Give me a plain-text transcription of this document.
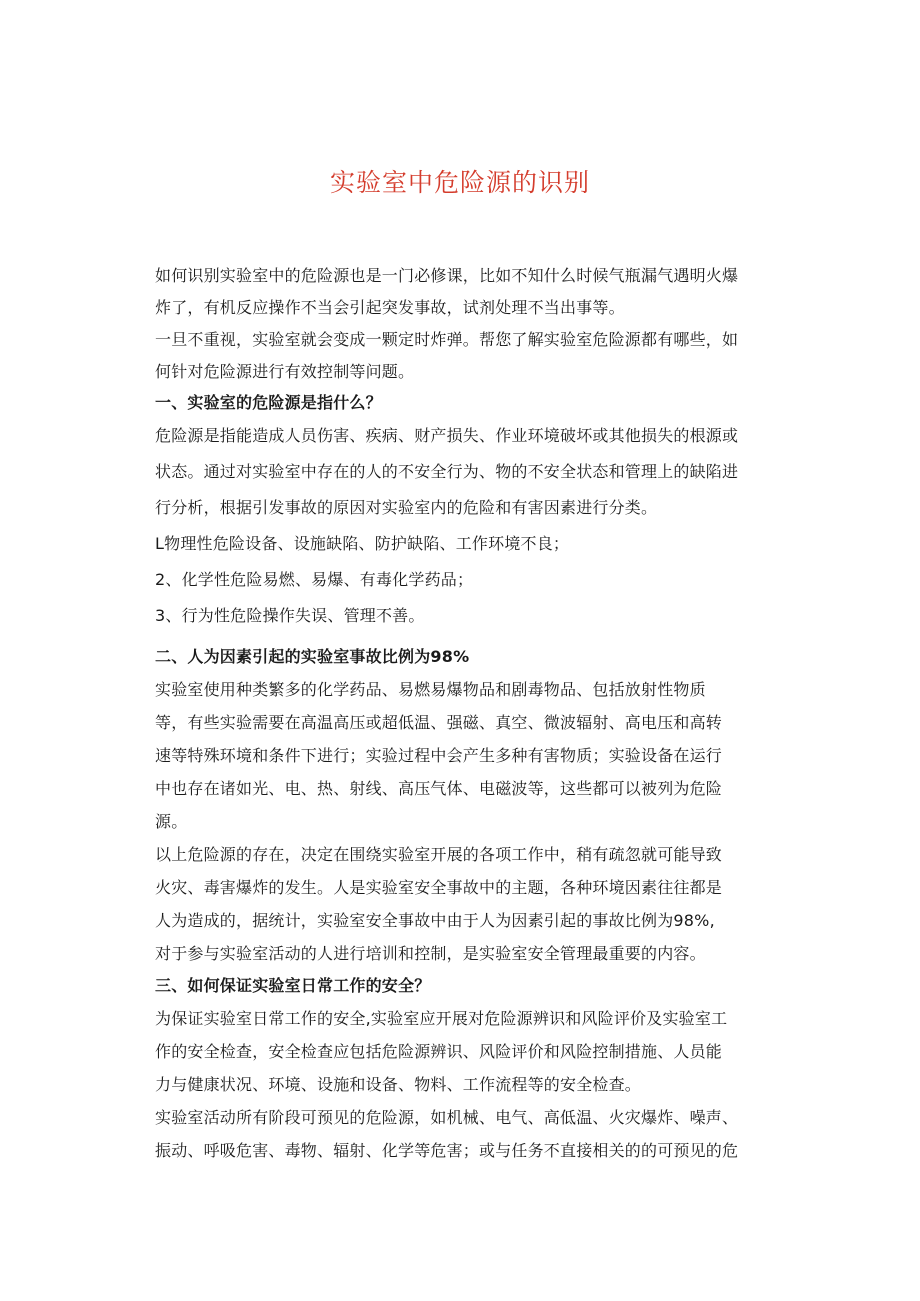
实验室中危险源的识别
如何识别实验室中的危险源也是一门必修课，比如不知什么时候气瓶漏气遇明火爆
炸了，有机反应操作不当会引起突发事故，试剂处理不当出事等。
一旦不重视，实验室就会变成一颗定时炸弹。帮您了解实验室危险源都有哪些，如
何针对危险源进行有效控制等问题。
一、实验室的危险源是指什么？
危险源是指能造成人员伤害、疾病、财产损失、作业环境破坏或其他损失的根源或
状态。通过对实验室中存在的人的不安全行为、物的不安全状态和管理上的缺陷进
行分析，根据引发事故的原因对实验室内的危险和有害因素进行分类。
L物理性危险设备、设施缺陷、防护缺陷、工作环境不良；
2、化学性危险易燃、易爆、有毒化学药品；
3、行为性危险操作失误、管理不善。
二、人为因素引起的实验室事故比例为98%
实验室使用种类繁多的化学药品、易燃易爆物品和剧毒物品、包括放射性物质
等，有些实验需要在高温高压或超低温、强磁、真空、微波辐射、高电压和高转
速等特殊环境和条件下进行；实验过程中会产生多种有害物质；实验设备在运行
中也存在诸如光、电、热、射线、高压气体、电磁波等，这些都可以被列为危险
源。
以上危险源的存在，决定在围绕实验室开展的各项工作中，稍有疏忽就可能导致
火灾、毒害爆炸的发生。人是实验室安全事故中的主题，各种环境因素往往都是
人为造成的，据统计，实验室安全事故中由于人为因素引起的事故比例为98%,
对于参与实验室活动的人进行培训和控制，是实验室安全管理最重要的内容。
三、如何保证实验室日常工作的安全？
为保证实验室日常工作的安全,实验室应开展对危险源辨识和风险评价及实验室工
作的安全检查，安全检查应包括危险源辨识、风险评价和风险控制措施、人员能
力与健康状况、环境、设施和设备、物料、工作流程等的安全检查。
实验室活动所有阶段可预见的危险源，如机械、电气、高低温、火灾爆炸、噪声、
振动、呼吸危害、毒物、辐射、化学等危害；或与任务不直接相关的的可预见的危
